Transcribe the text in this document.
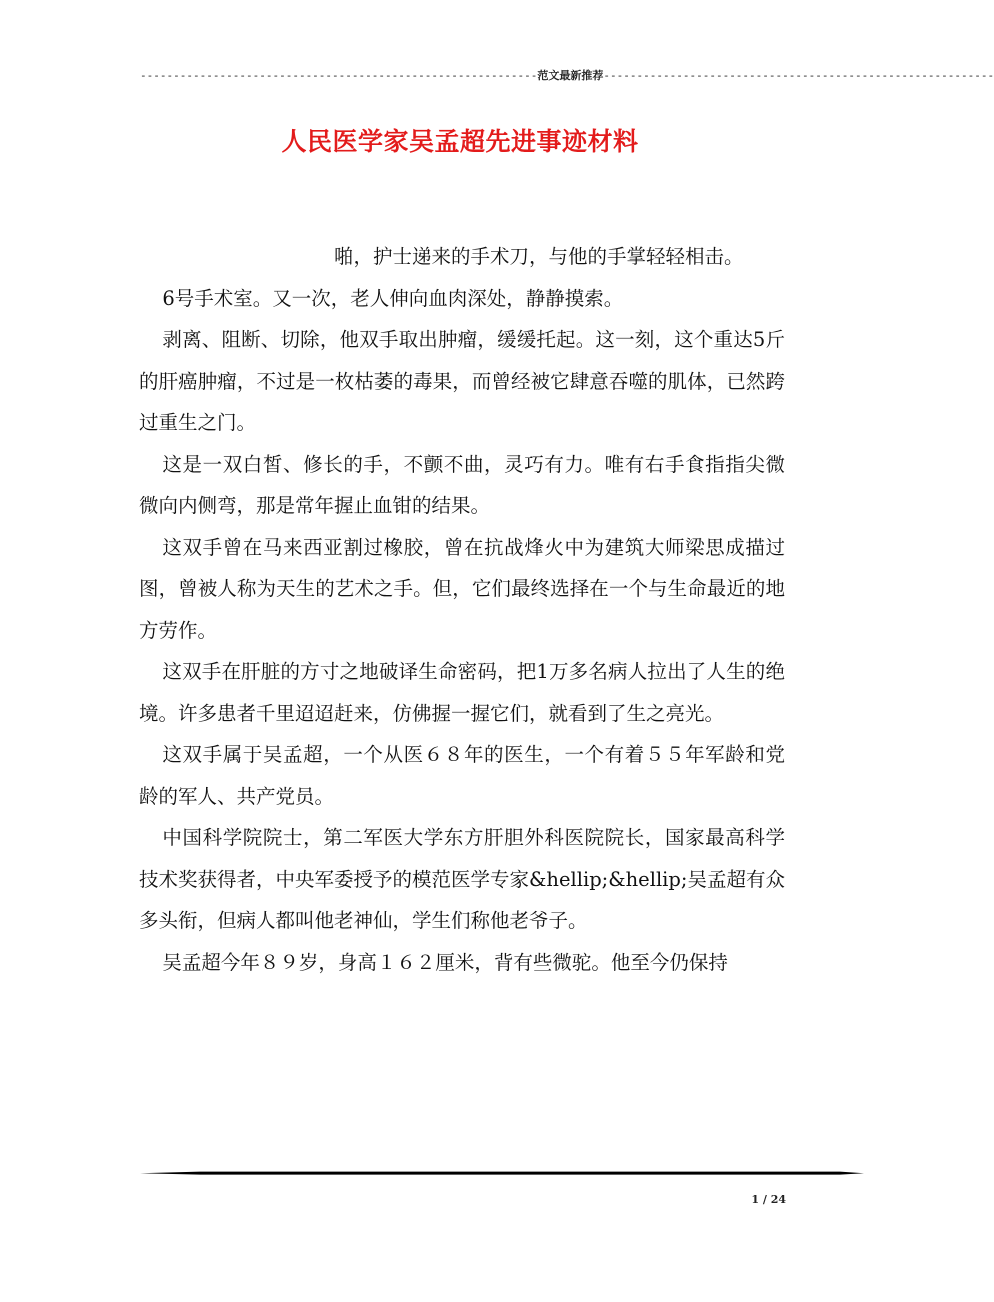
------------------------------------------------------------范文最新推荐-----------------------------------------------------------
人民医学家吴孟超先进事迹材料

啪，护士递来的手术刀，与他的手掌轻轻相击。

6号手术室。又一次，老人伸向血肉深处，静静摸索。

剥离、阻断、切除，他双手取出肿瘤，缓缓托起。这一刻，这个重达5斤的肝癌肿瘤，不过是一枚枯萎的毒果，而曾经被它肆意吞噬的肌体，已然跨过重生之门。

这是一双白皙、修长的手，不颤不曲，灵巧有力。唯有右手食指指尖微微向内侧弯，那是常年握止血钳的结果。

这双手曾在马来西亚割过橡胶，曾在抗战烽火中为建筑大师梁思成描过图，曾被人称为天生的艺术之手。但，它们最终选择在一个与生命最近的地方劳作。

这双手在肝脏的方寸之地破译生命密码，把1万多名病人拉出了人生的绝境。许多患者千里迢迢赶来，仿佛握一握它们，就看到了生之亮光。

这双手属于吴孟超，一个从医６８年的医生，一个有着５５年军龄和党龄的军人、共产党员。

中国科学院院士，第二军医大学东方肝胆外科医院院长，国家最高科学技术奖获得者，中央军委授予的模范医学专家&hellip;&hellip;吴孟超有众多头衔，但病人都叫他老神仙，学生们称他老爷子。

吴孟超今年８９岁，身高１６２厘米，背有些微驼。他至今仍保持

1 / 24
